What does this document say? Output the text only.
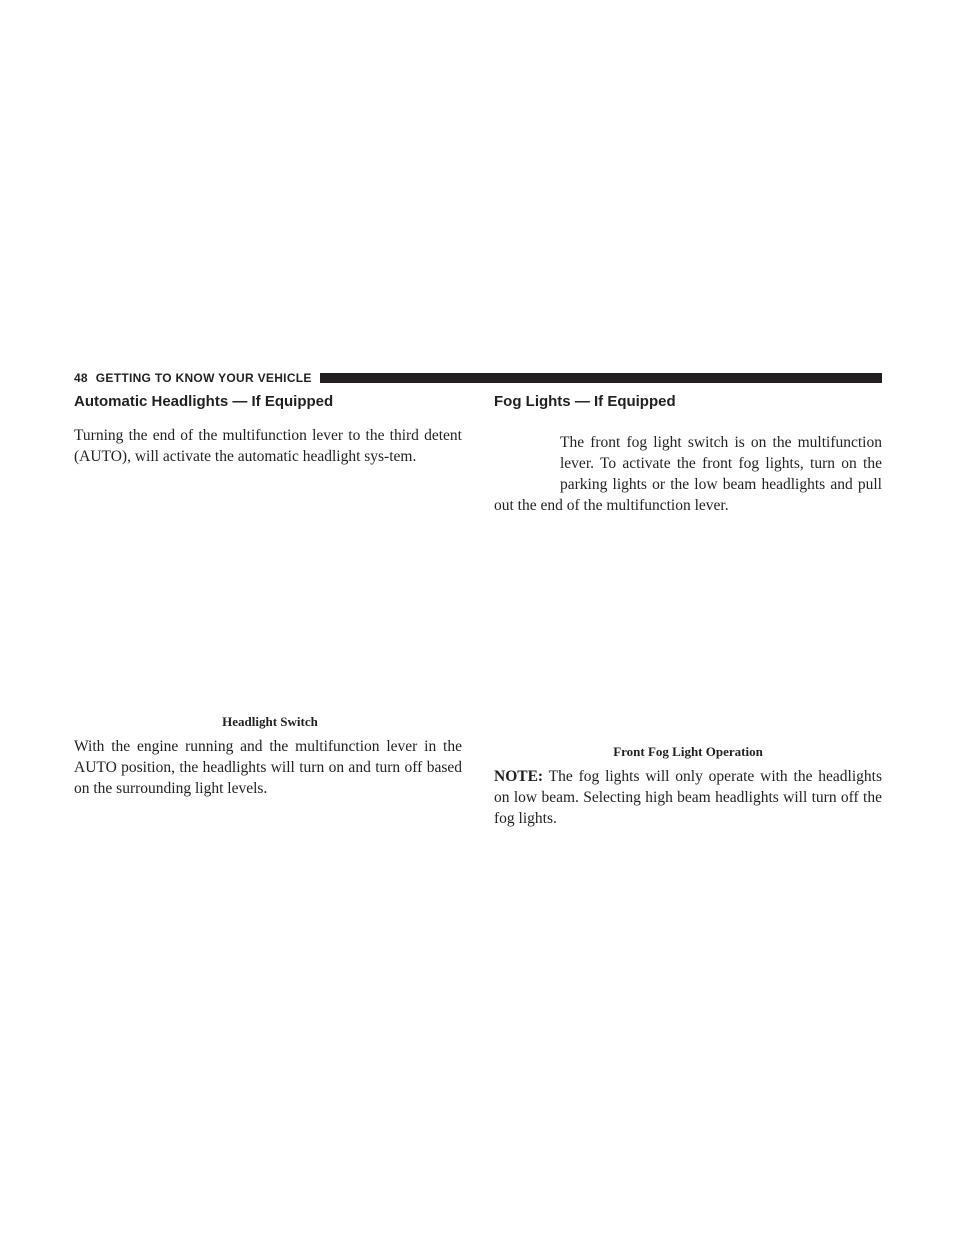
48 GETTING TO KNOW YOUR VEHICLE
Automatic Headlights — If Equipped

Turning the end of the multifunction lever to the third detent (AUTO), will activate the automatic headlight sys-tem.

Headlight Switch

With the engine running and the multifunction lever in the AUTO position, the headlights will turn on and turn off based on the surrounding light levels.

Fog Lights — If Equipped

The front fog light switch is on the multifunction lever. To activate the front fog lights, turn on the parking lights or the low beam headlights and pull out the end of the multifunction lever.

Front Fog Light Operation

NOTE: The fog lights will only operate with the headlights on low beam. Selecting high beam headlights will turn off the fog lights.
